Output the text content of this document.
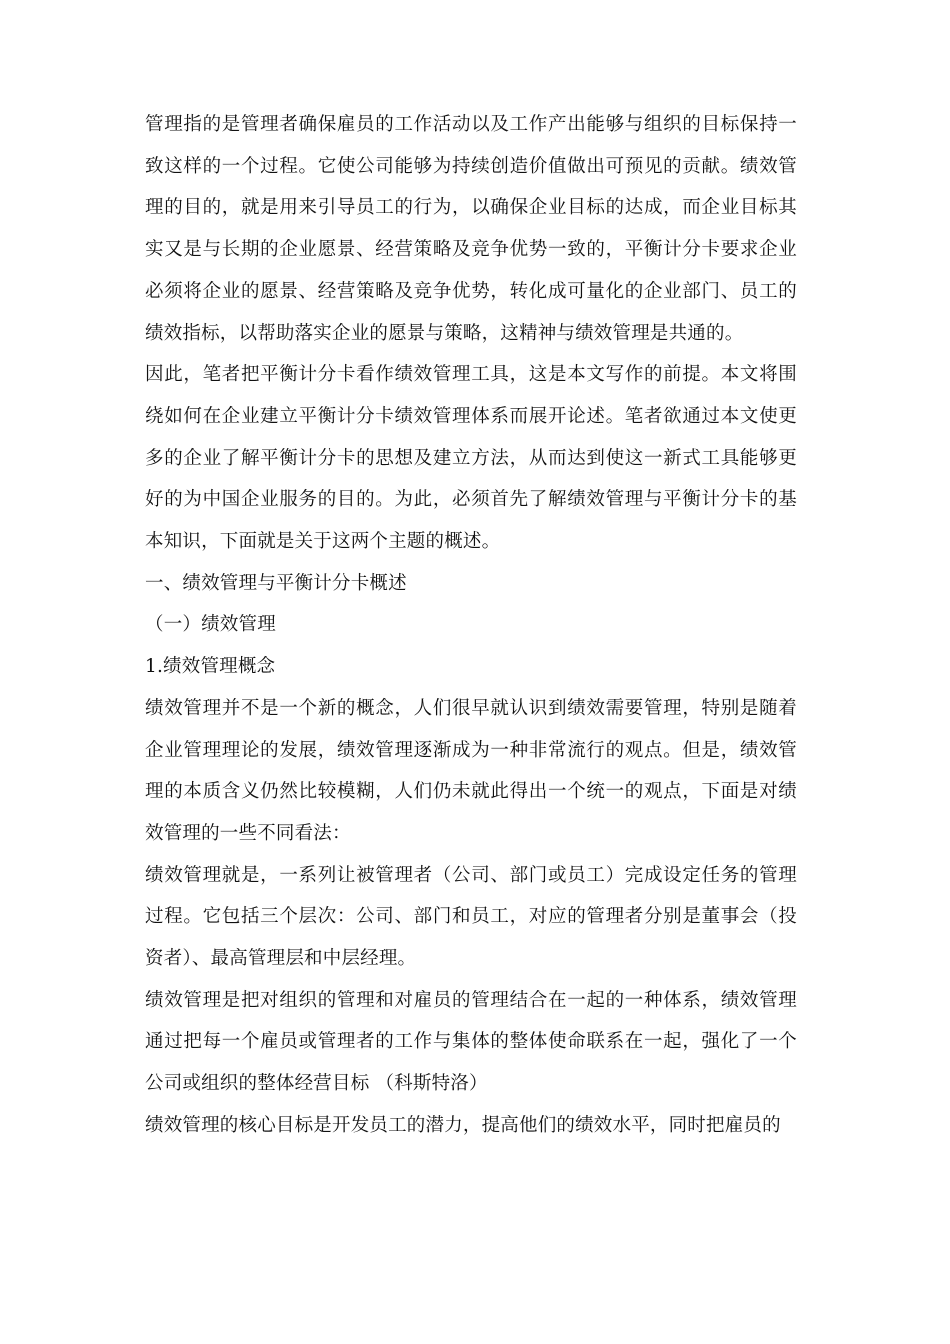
管理指的是管理者确保雇员的工作活动以及工作产出能够与组织的目标保持一致这样的一个过程。它使公司能够为持续创造价值做出可预见的贡献。绩效管理的目的，就是用来引导员工的行为，以确保企业目标的达成，而企业目标其实又是与长期的企业愿景、经营策略及竞争优势一致的，平衡计分卡要求企业必须将企业的愿景、经营策略及竞争优势，转化成可量化的企业部门、员工的绩效指标，以帮助落实企业的愿景与策略，这精神与绩效管理是共通的。

因此，笔者把平衡计分卡看作绩效管理工具，这是本文写作的前提。本文将围绕如何在企业建立平衡计分卡绩效管理体系而展开论述。笔者欲通过本文使更多的企业了解平衡计分卡的思想及建立方法，从而达到使这一新式工具能够更好的为中国企业服务的目的。为此，必须首先了解绩效管理与平衡计分卡的基本知识，下面就是关于这两个主题的概述。

一、绩效管理与平衡计分卡概述

（一）绩效管理

1.绩效管理概念

绩效管理并不是一个新的概念，人们很早就认识到绩效需要管理，特别是随着企业管理理论的发展，绩效管理逐渐成为一种非常流行的观点。但是，绩效管理的本质含义仍然比较模糊，人们仍未就此得出一个统一的观点，下面是对绩效管理的一些不同看法：

绩效管理就是，一系列让被管理者（公司、部门或员工）完成设定任务的管理过程。它包括三个层次：公司、部门和员工，对应的管理者分别是董事会（投资者）、最高管理层和中层经理。

绩效管理是把对组织的管理和对雇员的管理结合在一起的一种体系，绩效管理通过把每一个雇员或管理者的工作与集体的整体使命联系在一起，强化了一个公司或组织的整体经营目标 （科斯特洛）

绩效管理的核心目标是开发员工的潜力，提高他们的绩效水平，同时把雇员的
